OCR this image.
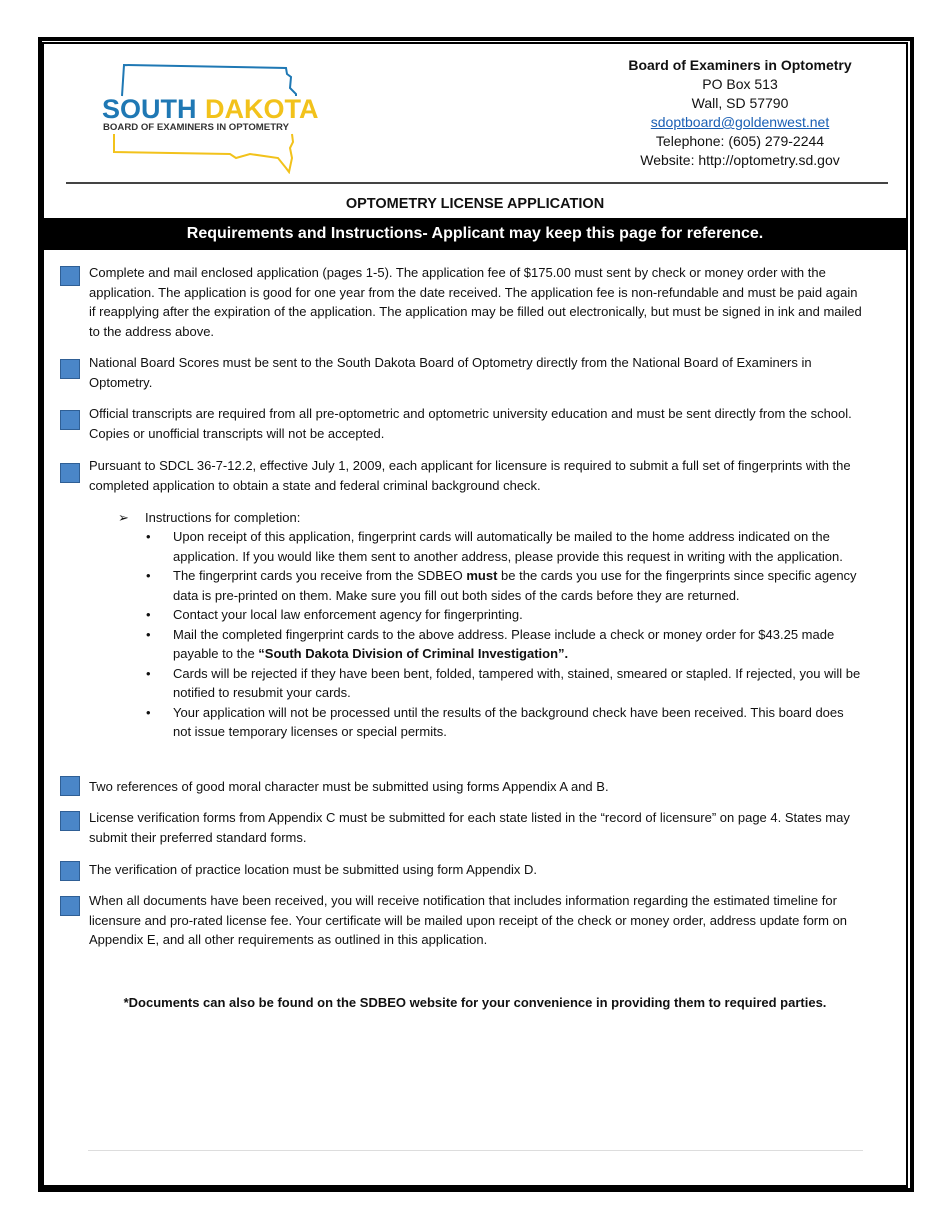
SOUTH DAKOTA
BOARD OF EXAMINERS IN OPTOMETRY
Board of Examiners in Optometry
PO Box 513
Wall, SD 57790
sdoptboard@goldenwest.net
Telephone: (605) 279-2244
Website: http://optometry.sd.gov
OPTOMETRY LICENSE APPLICATION
Requirements and Instructions- Applicant may keep this page for reference.
Complete and mail enclosed application (pages 1-5). The application fee of $175.00 must sent by check or money order with the application. The application is good for one year from the date received. The application fee is non-refundable and must be paid again if reapplying after the expiration of the application. The application may be filled out electronically, but must be signed in ink and mailed to the address above.
National Board Scores must be sent to the South Dakota Board of Optometry directly from the National Board of Examiners in Optometry.
Official transcripts are required from all pre-optometric and optometric university education and must be sent directly from the school. Copies or unofficial transcripts will not be accepted.
Pursuant to SDCL 36-7-12.2, effective July 1, 2009, each applicant for licensure is required to submit a full set of fingerprints with the completed application to obtain a state and federal criminal background check.
➢ Instructions for completion:
• Upon receipt of this application, fingerprint cards will automatically be mailed to the home address indicated on the application. If you would like them sent to another address, please provide this request in writing with the application.
• The fingerprint cards you receive from the SDBEO must be the cards you use for the fingerprints since specific agency data is pre-printed on them. Make sure you fill out both sides of the cards before they are returned.
• Contact your local law enforcement agency for fingerprinting.
• Mail the completed fingerprint cards to the above address. Please include a check or money order for $43.25 made payable to the “South Dakota Division of Criminal Investigation”.
• Cards will be rejected if they have been bent, folded, tampered with, stained, smeared or stapled. If rejected, you will be notified to resubmit your cards.
• Your application will not be processed until the results of the background check have been received. This board does not issue temporary licenses or special permits.
Two references of good moral character must be submitted using forms Appendix A and B.
License verification forms from Appendix C must be submitted for each state listed in the “record of licensure” on page 4. States may submit their preferred standard forms.
The verification of practice location must be submitted using form Appendix D.
When all documents have been received, you will receive notification that includes information regarding the estimated timeline for licensure and pro-rated license fee. Your certificate will be mailed upon receipt of the check or money order, address update form on Appendix E, and all other requirements as outlined in this application.
*Documents can also be found on the SDBEO website for your convenience in providing them to required parties.
